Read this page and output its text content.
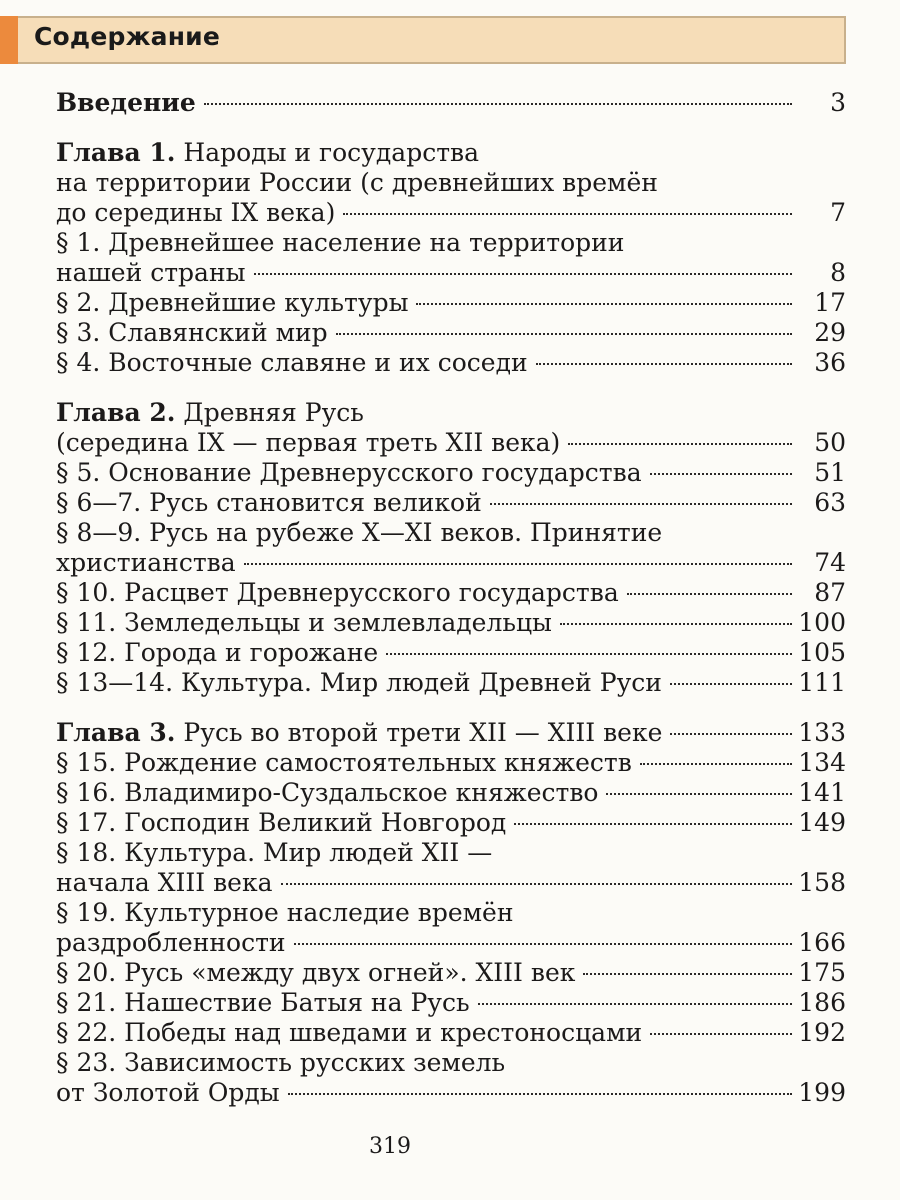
Содержание
Введение	3
Глава 1. Народы и государства
на территории России (с древнейших времён
до середины IX века)	7
§ 1. Древнейшее население на территории
нашей страны	8
§ 2. Древнейшие культуры	17
§ 3. Славянский мир	29
§ 4. Восточные славяне и их соседи	36
Глава 2. Древняя Русь
(середина IX — первая треть XII века)	50
§ 5. Основание Древнерусского государства	51
§ 6—7. Русь становится великой	63
§ 8—9. Русь на рубеже X—XI веков. Принятие
христианства	74
§ 10. Расцвет Древнерусского государства	87
§ 11. Земледельцы и землевладельцы	100
§ 12. Города и горожане	105
§ 13—14. Культура. Мир людей Древней Руси	111
Глава 3. Русь во второй трети XII — XIII веке	133
§ 15. Рождение самостоятельных княжеств	134
§ 16. Владимиро-Суздальское княжество	141
§ 17. Господин Великий Новгород	149
§ 18. Культура. Мир людей XII —
начала XIII века	158
§ 19. Культурное наследие времён
раздробленности	166
§ 20. Русь «между двух огней». XIII век	175
§ 21. Нашествие Батыя на Русь	186
§ 22. Победы над шведами и крестоносцами	192
§ 23. Зависимость русских земель
от Золотой Орды	199
319
